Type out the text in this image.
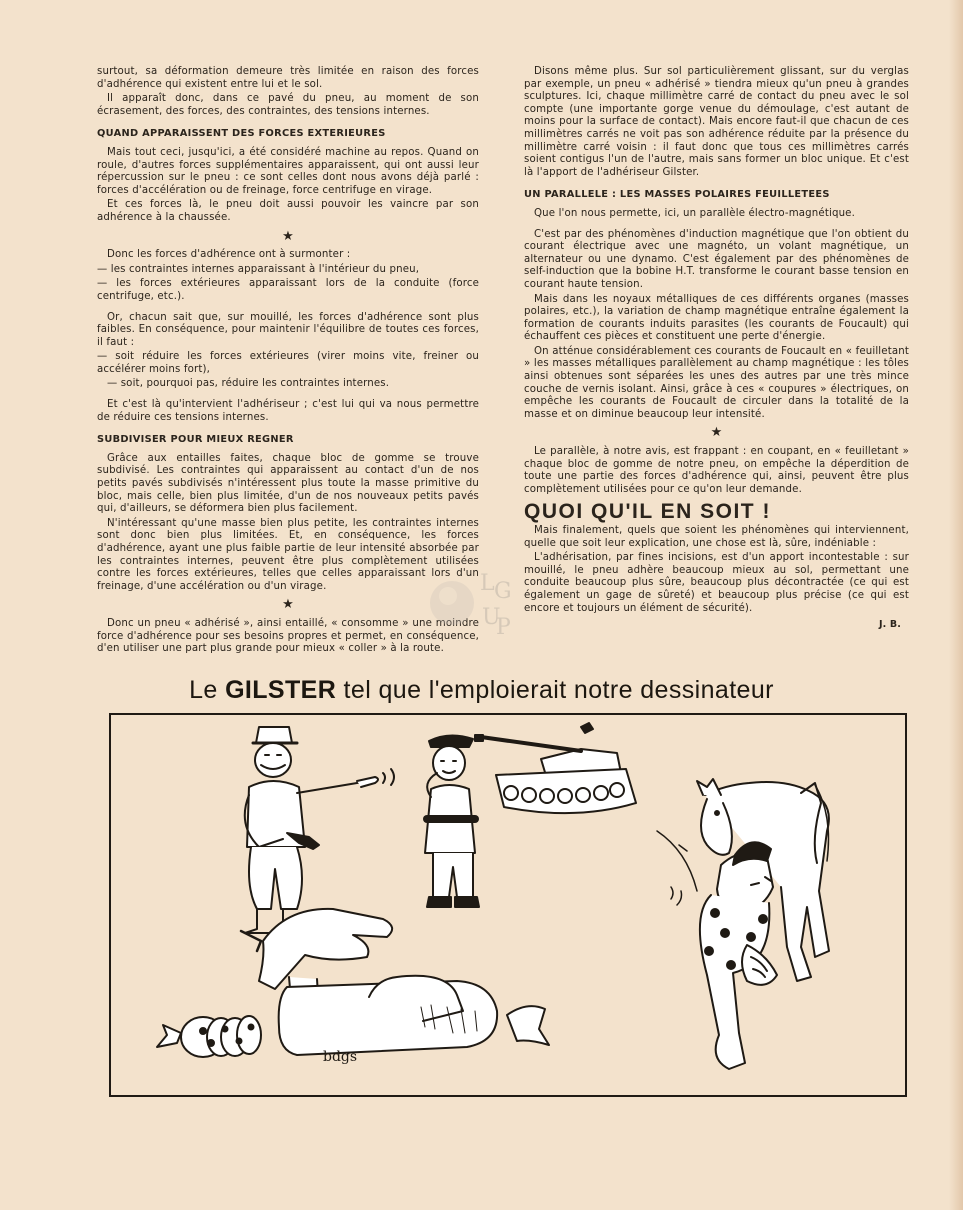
surtout, sa déformation demeure très limitée en raison des forces d'adhérence qui existent entre lui et le sol.

Il apparaît donc, dans ce pavé du pneu, au moment de son écrasement, des forces, des contraintes, des tensions internes.

QUAND APPARAISSENT DES FORCES EXTERIEURES

Mais tout ceci, jusqu'ici, a été considéré machine au repos. Quand on roule, d'autres forces supplémentaires apparaissent, qui ont aussi leur répercussion sur le pneu : ce sont celles dont nous avons déjà parlé : forces d'accélération ou de freinage, force centrifuge en virage.

Et ces forces là, le pneu doit aussi pouvoir les vaincre par son adhérence à la chaussée.

★

Donc les forces d'adhérence ont à surmonter :

— les contraintes internes apparaissant à l'intérieur du pneu,

— les forces extérieures apparaissant lors de la conduite (force centrifuge, etc.).

Or, chacun sait que, sur mouillé, les forces d'adhérence sont plus faibles. En conséquence, pour maintenir l'équilibre de toutes ces forces, il faut :

— soit réduire les forces extérieures (virer moins vite, freiner ou accélérer moins fort),

— soit, pourquoi pas, réduire les contraintes internes.

Et c'est là qu'intervient l'adhériseur ; c'est lui qui va nous permettre de réduire ces tensions internes.

SUBDIVISER POUR MIEUX REGNER

Grâce aux entailles faites, chaque bloc de gomme se trouve subdivisé. Les contraintes qui apparaissent au contact d'un de nos petits pavés subdivisés n'intéressent plus toute la masse primitive du bloc, mais celle, bien plus limitée, d'un de nos nouveaux petits pavés qui, d'ailleurs, se déformera bien plus facilement.

N'intéressant qu'une masse bien plus petite, les contraintes internes sont donc bien plus limitées. Et, en conséquence, les forces d'adhérence, ayant une plus faible partie de leur intensité absorbée par les contraintes internes, peuvent être plus complètement utilisées contre les forces extérieures, telles que celles apparaissant lors d'un freinage, d'une accélération ou d'un virage.

★

Donc un pneu « adhérisé », ainsi entaillé, « consomme » une moindre force d'adhérence pour ses besoins propres et permet, en conséquence, d'en utiliser une part plus grande pour mieux « coller » à la route.

Disons même plus. Sur sol particulièrement glissant, sur du verglas par exemple, un pneu « adhérisé » tiendra mieux qu'un pneu à grandes sculptures. Ici, chaque millimètre carré de contact du pneu avec le sol compte (une importante gorge venue du démoulage, c'est autant de moins pour la surface de contact). Mais encore faut-il que chacun de ces millimètres carrés ne voit pas son adhérence réduite par la présence du millimètre carré voisin : il faut donc que tous ces millimètres carrés soient contigus l'un de l'autre, mais sans former un bloc unique. Et c'est là l'apport de l'adhériseur Gilster.

UN PARALLELE : LES MASSES POLAIRES FEUILLETEES

Que l'on nous permette, ici, un parallèle électro-magnétique.

C'est par des phénomènes d'induction magnétique que l'on obtient du courant électrique avec une magnéto, un volant magnétique, un alternateur ou une dynamo. C'est également par des phénomènes de self-induction que la bobine H.T. transforme le courant basse tension en courant haute tension.

Mais dans les noyaux métalliques de ces différents organes (masses polaires, etc.), la variation de champ magnétique entraîne également la formation de courants induits parasites (les courants de Foucault) qui échauffent ces pièces et constituent une perte d'énergie.

On atténue considérablement ces courants de Foucault en « feuilletant » les masses métalliques parallèlement au champ magnétique : les tôles ainsi obtenues sont séparées les unes des autres par une très mince couche de vernis isolant. Ainsi, grâce à ces « coupures » électriques, on empêche les courants de Foucault de circuler dans la totalité de la masse et on diminue beaucoup leur intensité.

★

Le parallèle, à notre avis, est frappant : en coupant, en « feuilletant » chaque bloc de gomme de notre pneu, on empêche la déperdition de toute une partie des forces d'adhérence qui, ainsi, peuvent être plus complètement utilisées pour ce qu'on leur demande.

QUOI QU'IL EN SOIT !

Mais finalement, quels que soient les phénomènes qui interviennent, quelle que soit leur explication, une chose est là, sûre, indéniable :

L'adhérisation, par fines incisions, est d'un apport incontestable : sur mouillé, le pneu adhère beaucoup mieux au sol, permettant une conduite beaucoup plus sûre, beaucoup plus décontractée (ce qui est également un gage de sûreté) et beaucoup plus précise (ce qui est encore et toujours un élément de sécurité).

J. B.
L G
U
P
Le GILSTER tel que l'emploierait notre dessinateur
bdgs
